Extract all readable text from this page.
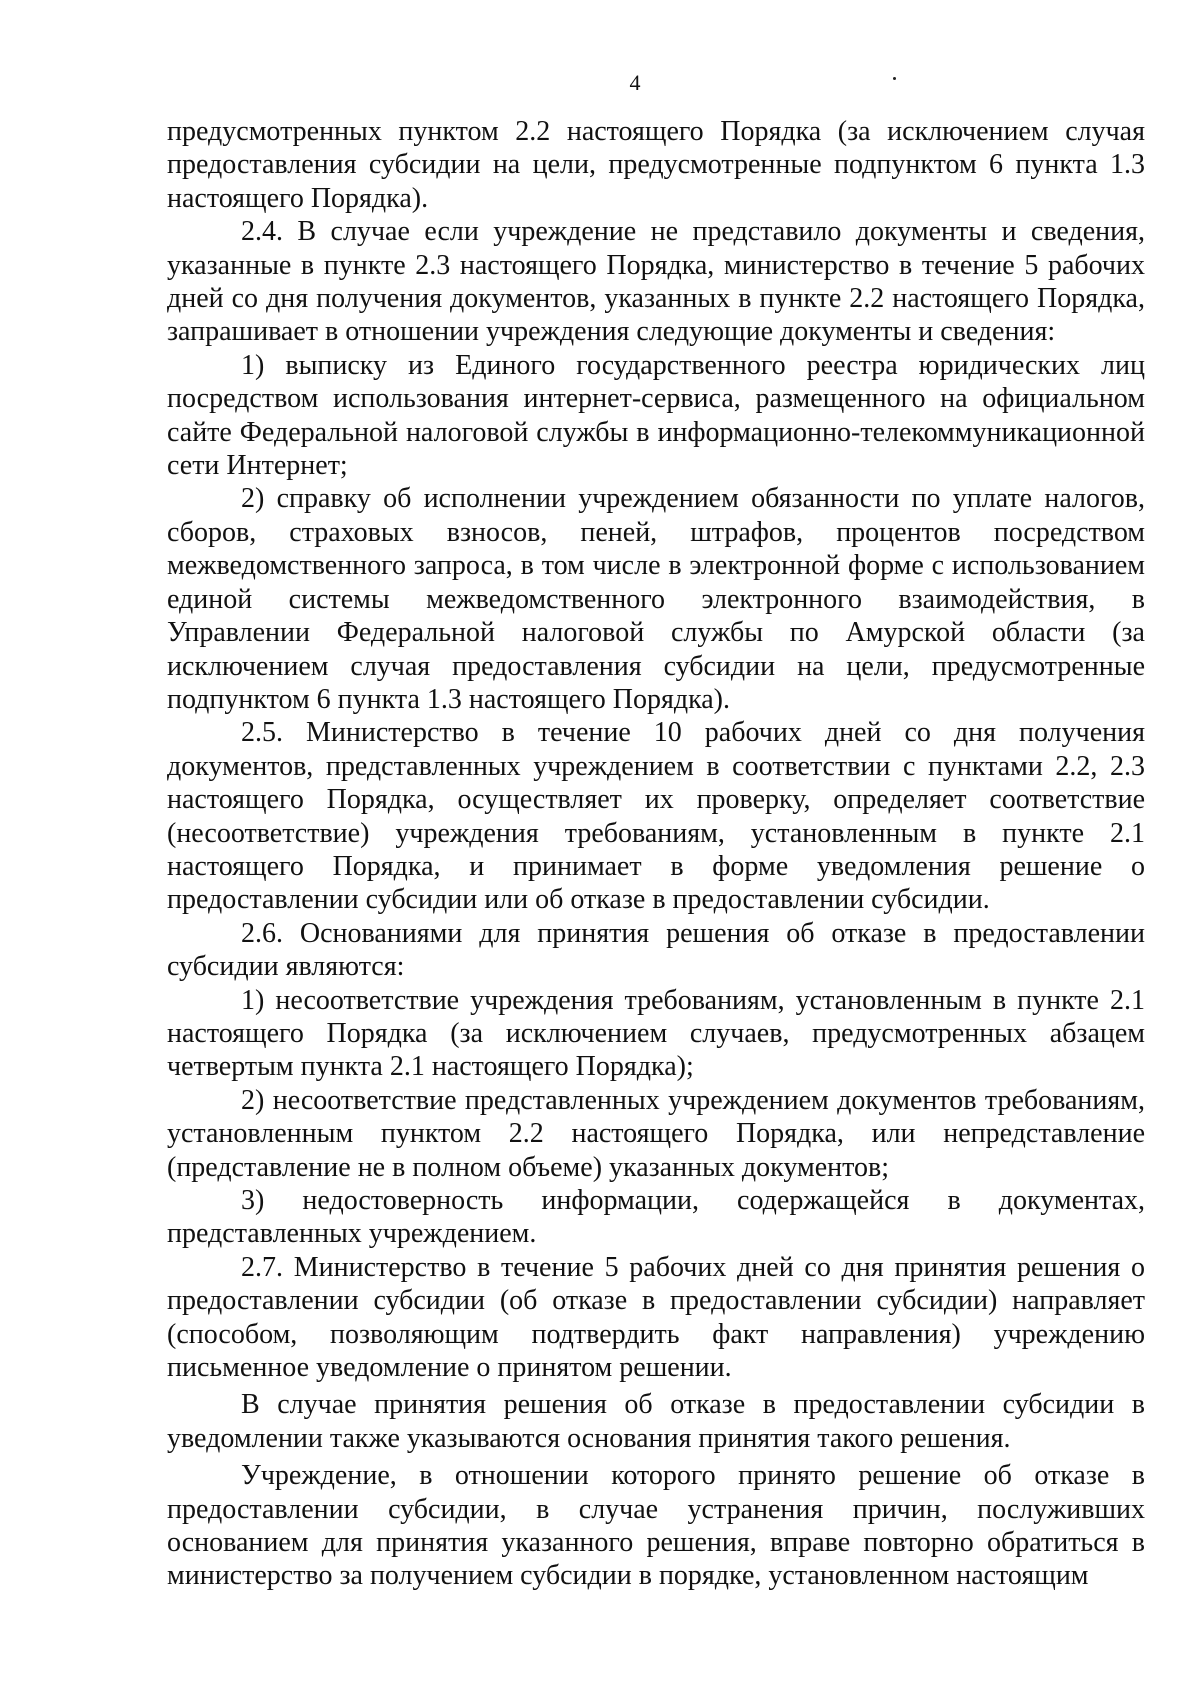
4

предусмотренных пунктом 2.2 настоящего Порядка (за исключением случая предоставления субсидии на цели, предусмотренные подпунктом 6 пункта 1.3 настоящего Порядка).

2.4. В случае если учреждение не представило документы и сведения, указанные в пункте 2.3 настоящего Порядка, министерство в течение 5 рабочих дней со дня получения документов, указанных в пункте 2.2 настоящего Порядка, запрашивает в отношении учреждения следующие документы и сведения:

1) выписку из Единого государственного реестра юридических лиц посредством использования интернет-сервиса, размещенного на официальном сайте Федеральной налоговой службы в информационно-телекоммуникационной сети Интернет;

2) справку об исполнении учреждением обязанности по уплате налогов, сборов, страховых взносов, пеней, штрафов, процентов посредством межведомственного запроса, в том числе в электронной форме с использованием единой системы межведомственного электронного взаимодействия, в Управлении Федеральной налоговой службы по Амурской области (за исключением случая предоставления субсидии на цели, предусмотренные подпунктом 6 пункта 1.3 настоящего Порядка).

2.5. Министерство в течение 10 рабочих дней со дня получения документов, представленных учреждением в соответствии с пунктами 2.2, 2.3 настоящего Порядка, осуществляет их проверку, определяет соответствие (несоответствие) учреждения требованиям, установленным в пункте 2.1 настоящего Порядка, и принимает в форме уведомления решение о предоставлении субсидии или об отказе в предоставлении субсидии.

2.6. Основаниями для принятия решения об отказе в предоставлении субсидии являются:

1) несоответствие учреждения требованиям, установленным в пункте 2.1 настоящего Порядка (за исключением случаев, предусмотренных абзацем четвертым пункта 2.1 настоящего Порядка);

2) несоответствие представленных учреждением документов требованиям, установленным пунктом 2.2 настоящего Порядка, или непредставление (представление не в полном объеме) указанных документов;

3) недостоверность информации, содержащейся в документах, представленных учреждением.

2.7. Министерство в течение 5 рабочих дней со дня принятия решения о предоставлении субсидии (об отказе в предоставлении субсидии) направляет (способом, позволяющим подтвердить факт направления) учреждению письменное уведомление о принятом решении.

В случае принятия решения об отказе в предоставлении субсидии в уведомлении также указываются основания принятия такого решения.

Учреждение, в отношении которого принято решение об отказе в предоставлении субсидии, в случае устранения причин, послуживших основанием для принятия указанного решения, вправе повторно обратиться в министерство за получением субсидии в порядке, установленном настоящим
